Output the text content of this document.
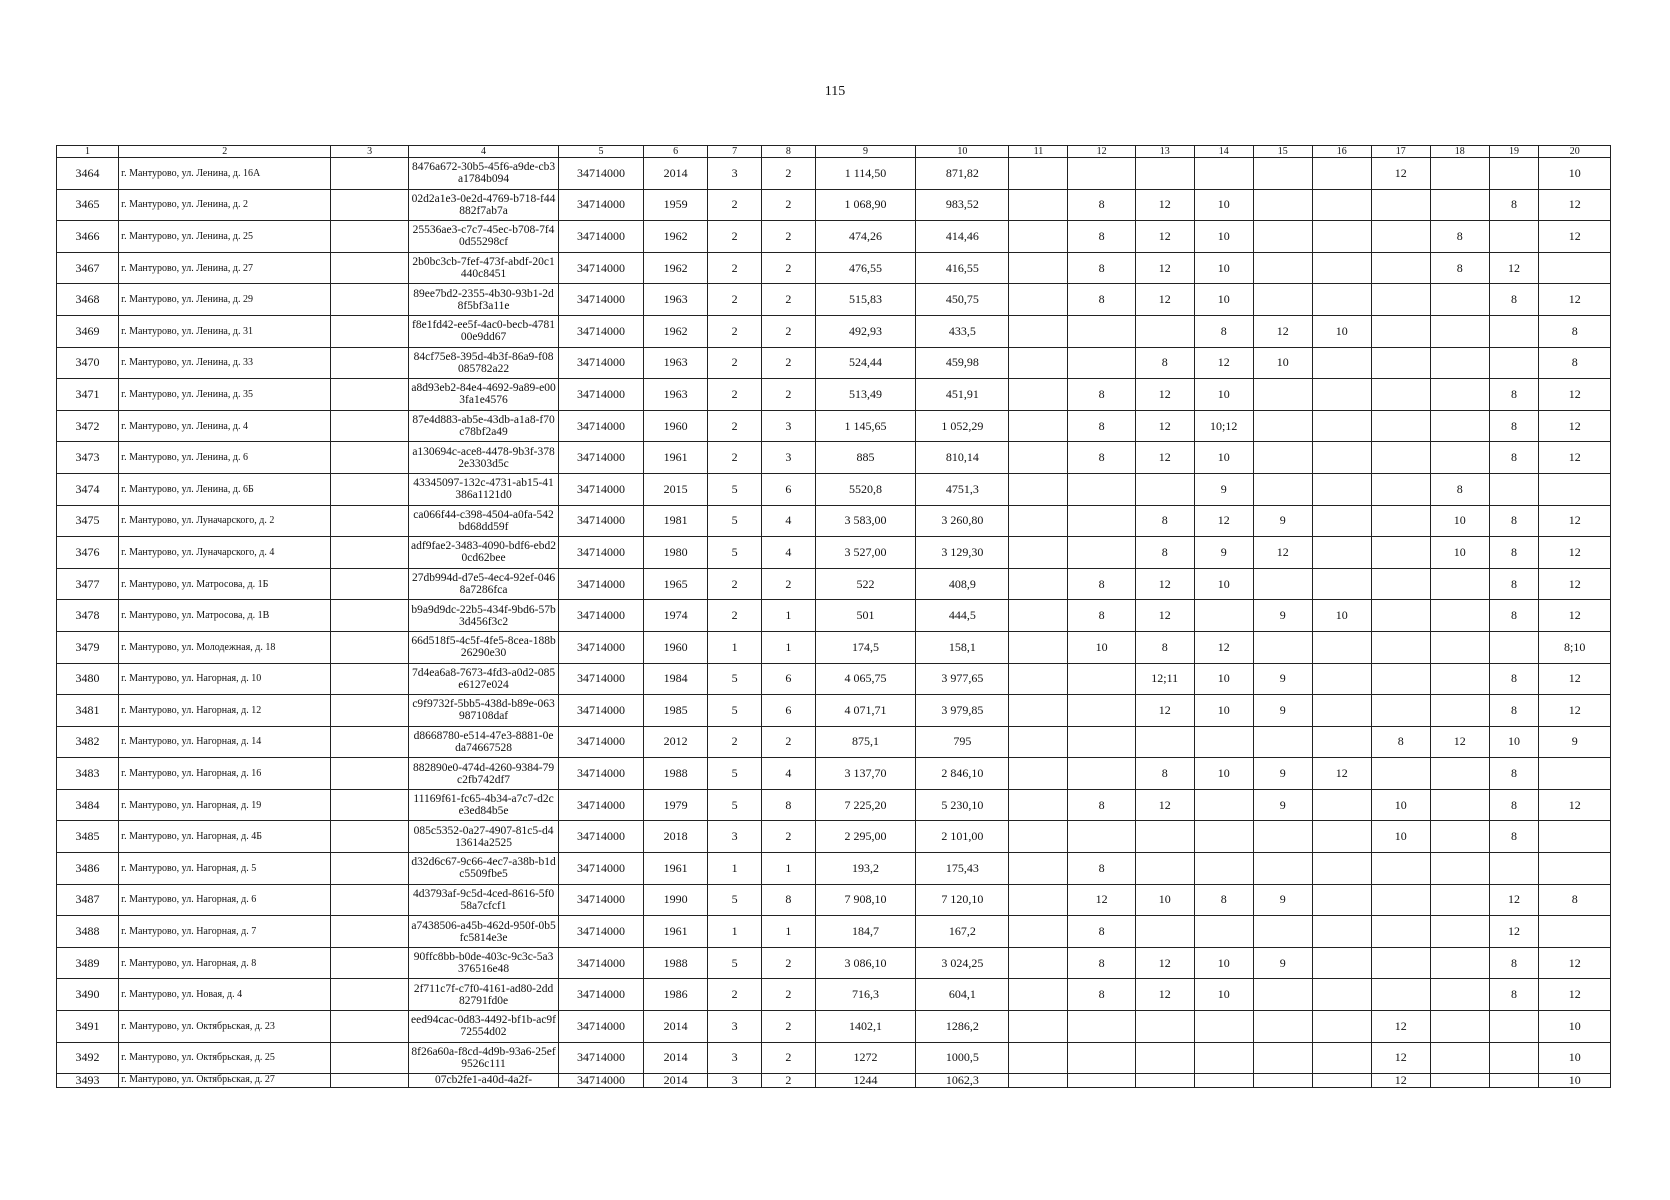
115
1	2	3	4	5	6	7	8	9	10	11	12	13	14	15	16	17	18	19	20
3464	г. Мантурово, ул. Ленина, д. 16А		8476a672-30b5-45f6-a9de-cb3a1784b094	34714000	2014	3	2	1 114,50	871,82							12			10
3465	г. Мантурово, ул. Ленина, д. 2		02d2a1e3-0e2d-4769-b718-f44882f7ab7a	34714000	1959	2	2	1 068,90	983,52		8	12	10					8	12
3466	г. Мантурово, ул. Ленина, д. 25		25536ae3-c7c7-45ec-b708-7f40d55298cf	34714000	1962	2	2	474,26	414,46		8	12	10				8		12
3467	г. Мантурово, ул. Ленина, д. 27		2b0bc3cb-7fef-473f-abdf-20c1440c8451	34714000	1962	2	2	476,55	416,55		8	12	10				8	12	
3468	г. Мантурово, ул. Ленина, д. 29		89ee7bd2-2355-4b30-93b1-2d8f5bf3a11e	34714000	1963	2	2	515,83	450,75		8	12	10					8	12
3469	г. Мантурово, ул. Ленина, д. 31		f8e1fd42-ee5f-4ac0-becb-478100e9dd67	34714000	1962	2	2	492,93	433,5				8	12	10				8
3470	г. Мантурово, ул. Ленина, д. 33		84cf75e8-395d-4b3f-86a9-f08085782a22	34714000	1963	2	2	524,44	459,98			8	12	10					8
3471	г. Мантурово, ул. Ленина, д. 35		a8d93eb2-84e4-4692-9a89-e003fa1e4576	34714000	1963	2	2	513,49	451,91		8	12	10					8	12
3472	г. Мантурово, ул. Ленина, д. 4		87e4d883-ab5e-43db-a1a8-f70c78bf2a49	34714000	1960	2	3	1 145,65	1 052,29		8	12	10;12					8	12
3473	г. Мантурово, ул. Ленина, д. 6		a130694c-ace8-4478-9b3f-3782e3303d5c	34714000	1961	2	3	885	810,14		8	12	10					8	12
3474	г. Мантурово, ул. Ленина, д. 6Б		43345097-132c-4731-ab15-41386a1121d0	34714000	2015	5	6	5520,8	4751,3				9				8		
3475	г. Мантурово, ул. Луначарского, д. 2		ca066f44-c398-4504-a0fa-542bd68dd59f	34714000	1981	5	4	3 583,00	3 260,80			8	12	9			10	8	12
3476	г. Мантурово, ул. Луначарского, д. 4		adf9fae2-3483-4090-bdf6-ebd20cd62bee	34714000	1980	5	4	3 527,00	3 129,30			8	9	12			10	8	12
3477	г. Мантурово, ул. Матросова, д. 1Б		27db994d-d7e5-4ec4-92ef-0468a7286fca	34714000	1965	2	2	522	408,9		8	12	10					8	12
3478	г. Мантурово, ул. Матросова, д. 1В		b9a9d9dc-22b5-434f-9bd6-57b3d456f3c2	34714000	1974	2	1	501	444,5		8	12		9	10			8	12
3479	г. Мантурово, ул. Молодежная, д. 18		66d518f5-4c5f-4fe5-8cea-188b26290e30	34714000	1960	1	1	174,5	158,1		10	8	12						8;10
3480	г. Мантурово, ул. Нагорная, д. 10		7d4ea6a8-7673-4fd3-a0d2-085e6127e024	34714000	1984	5	6	4 065,75	3 977,65			12;11	10	9				8	12
3481	г. Мантурово, ул. Нагорная, д. 12		c9f9732f-5bb5-438d-b89e-063987108daf	34714000	1985	5	6	4 071,71	3 979,85			12	10	9				8	12
3482	г. Мантурово, ул. Нагорная, д. 14		d8668780-e514-47e3-8881-0eda74667528	34714000	2012	2	2	875,1	795							8	12	10	9
3483	г. Мантурово, ул. Нагорная, д. 16		882890e0-474d-4260-9384-79c2fb742df7	34714000	1988	5	4	3 137,70	2 846,10			8	10	9	12			8	
3484	г. Мантурово, ул. Нагорная, д. 19		11169f61-fc65-4b34-a7c7-d2ce3ed84b5e	34714000	1979	5	8	7 225,20	5 230,10		8	12		9		10		8	12
3485	г. Мантурово, ул. Нагорная, д. 4Б		085c5352-0a27-4907-81c5-d413614a2525	34714000	2018	3	2	2 295,00	2 101,00							10		8	
3486	г. Мантурово, ул. Нагорная, д. 5		d32d6c67-9c66-4ec7-a38b-b1dc5509fbe5	34714000	1961	1	1	193,2	175,43		8								
3487	г. Мантурово, ул. Нагорная, д. 6		4d3793af-9c5d-4ced-8616-5f058a7cfcf1	34714000	1990	5	8	7 908,10	7 120,10		12	10	8	9				12	8
3488	г. Мантурово, ул. Нагорная, д. 7		a7438506-a45b-462d-950f-0b5fc5814e3e	34714000	1961	1	1	184,7	167,2		8							12	
3489	г. Мантурово, ул. Нагорная, д. 8		90ffc8bb-b0de-403c-9c3c-5a3376516e48	34714000	1988	5	2	3 086,10	3 024,25		8	12	10	9				8	12
3490	г. Мантурово, ул. Новая, д. 4		2f711c7f-c7f0-4161-ad80-2dd82791fd0e	34714000	1986	2	2	716,3	604,1		8	12	10					8	12
3491	г. Мантурово, ул. Октябрьская, д. 23		eed94cac-0d83-4492-bf1b-ac9f72554d02	34714000	2014	3	2	1402,1	1286,2							12			10
3492	г. Мантурово, ул. Октябрьская, д. 25		8f26a60a-f8cd-4d9b-93a6-25ef9526c111	34714000	2014	3	2	1272	1000,5							12			10
3493	г. Мантурово, ул. Октябрьская, д. 27		07cb2fe1-a40d-4a2f-	34714000	2014	3	2	1244	1062,3							12			10
